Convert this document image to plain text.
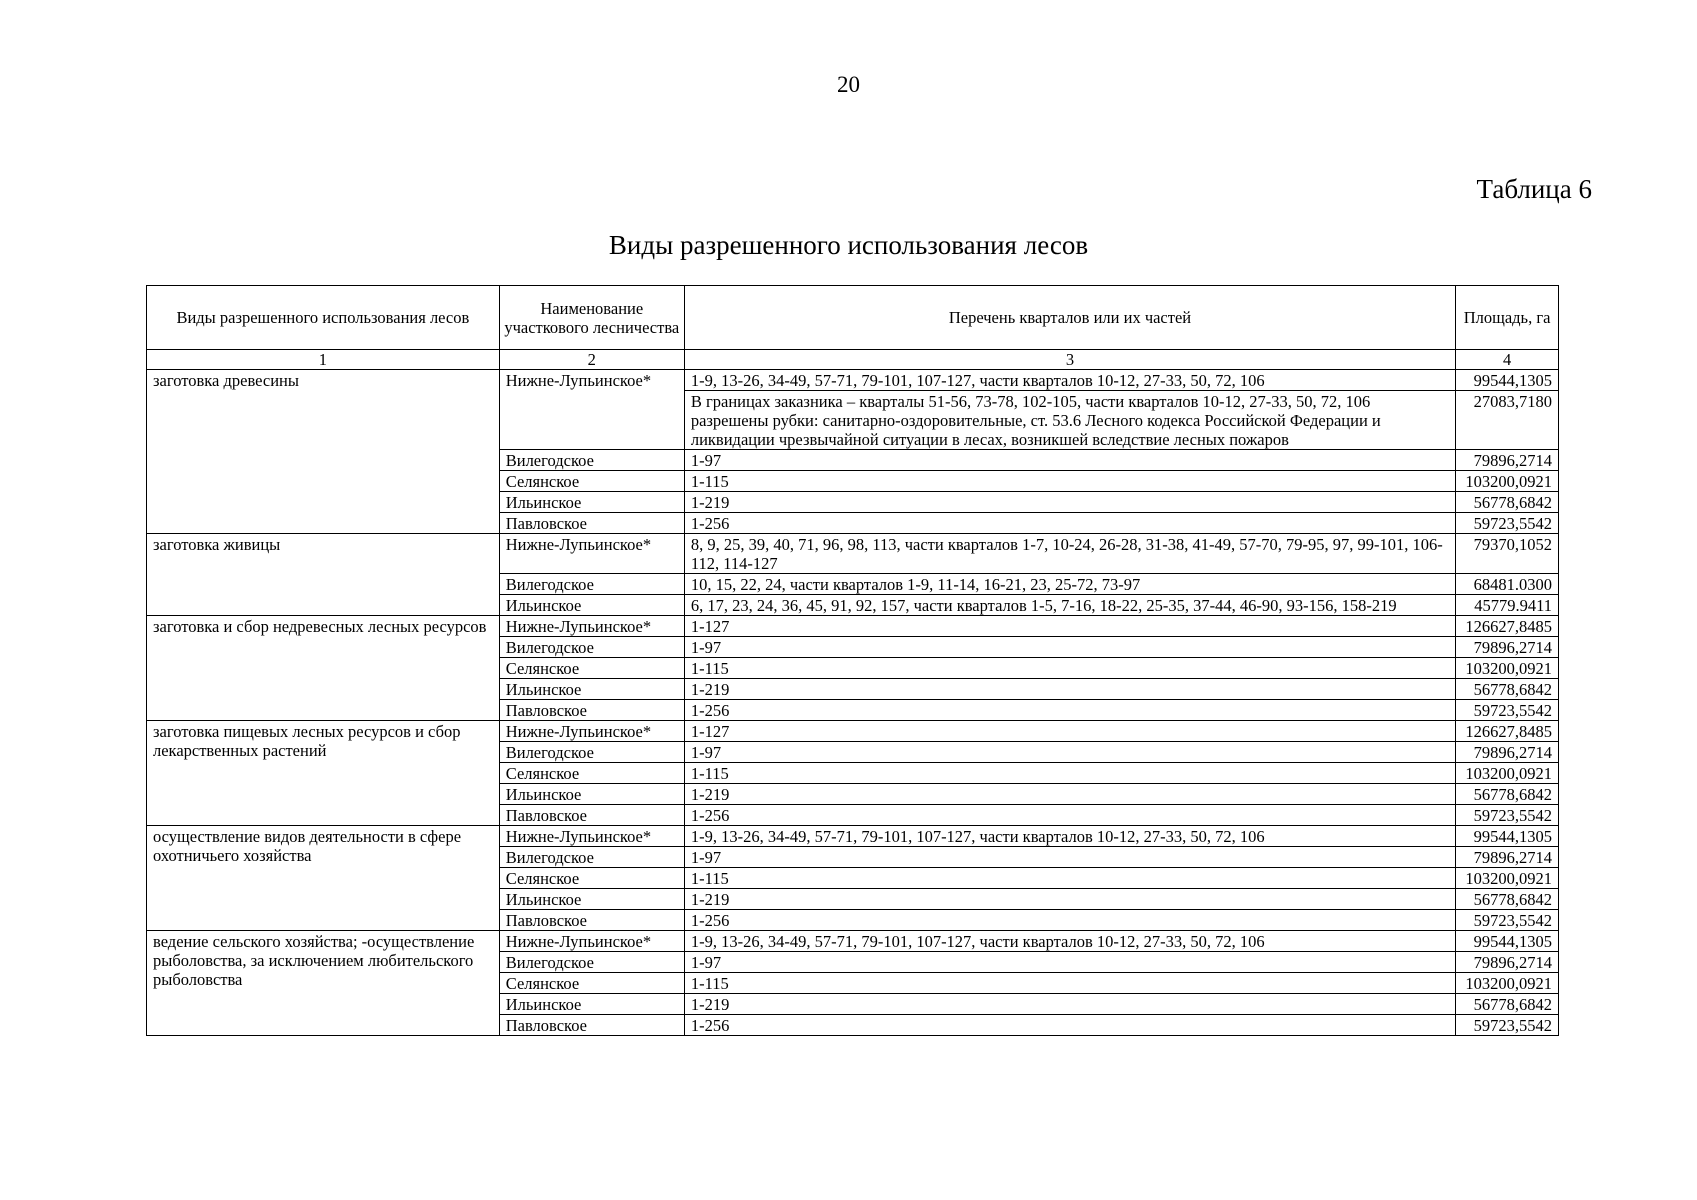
20
Таблица 6
Виды разрешенного использования лесов
Виды разрешенного использования лесов	Наименование участкового лесничества	Перечень кварталов или их частей	Площадь, га
1	2	3	4
заготовка древесины	Нижне-Лупьинское*	1-9, 13-26, 34-49, 57-71, 79-101, 107-127, части кварталов 10-12, 27-33, 50, 72, 106	99544,1305
		В границах заказника – кварталы 51-56, 73-78, 102-105, части кварталов 10-12, 27-33, 50, 72, 106 разрешены рубки: санитарно-оздоровительные, ст. 53.6 Лесного кодекса Российской Федерации и ликвидации чрезвычайной ситуации в лесах, возникшей вследствие лесных пожаров	27083,7180
	Вилегодское	1-97	79896,2714
	Селянское	1-115	103200,0921
	Ильинское	1-219	56778,6842
	Павловское	1-256	59723,5542
заготовка живицы	Нижне-Лупьинское*	8, 9, 25, 39, 40, 71, 96, 98, 113, части кварталов 1-7, 10-24, 26-28, 31-38, 41-49, 57-70, 79-95, 97, 99-101, 106-112, 114-127	79370,1052
	Вилегодское	10, 15, 22, 24, части кварталов 1-9, 11-14, 16-21, 23, 25-72, 73-97	68481.0300
	Ильинское	6, 17, 23, 24, 36, 45, 91, 92, 157, части кварталов 1-5, 7-16, 18-22, 25-35, 37-44, 46-90, 93-156, 158-219	45779.9411
заготовка и сбор недревесных лесных ресурсов	Нижне-Лупьинское*	1-127	126627,8485
	Вилегодское	1-97	79896,2714
	Селянское	1-115	103200,0921
	Ильинское	1-219	56778,6842
	Павловское	1-256	59723,5542
заготовка пищевых лесных ресурсов и сбор лекарственных растений	Нижне-Лупьинское*	1-127	126627,8485
	Вилегодское	1-97	79896,2714
	Селянское	1-115	103200,0921
	Ильинское	1-219	56778,6842
	Павловское	1-256	59723,5542
осуществление видов деятельности в сфере охотничьего хозяйства	Нижне-Лупьинское*	1-9, 13-26, 34-49, 57-71, 79-101, 107-127, части кварталов 10-12, 27-33, 50, 72, 106	99544,1305
	Вилегодское	1-97	79896,2714
	Селянское	1-115	103200,0921
	Ильинское	1-219	56778,6842
	Павловское	1-256	59723,5542
ведение сельского хозяйства; -осуществление рыболовства, за исключением любительского рыболовства	Нижне-Лупьинское*	1-9, 13-26, 34-49, 57-71, 79-101, 107-127, части кварталов 10-12, 27-33, 50, 72, 106	99544,1305
	Вилегодское	1-97	79896,2714
	Селянское	1-115	103200,0921
	Ильинское	1-219	56778,6842
	Павловское	1-256	59723,5542
